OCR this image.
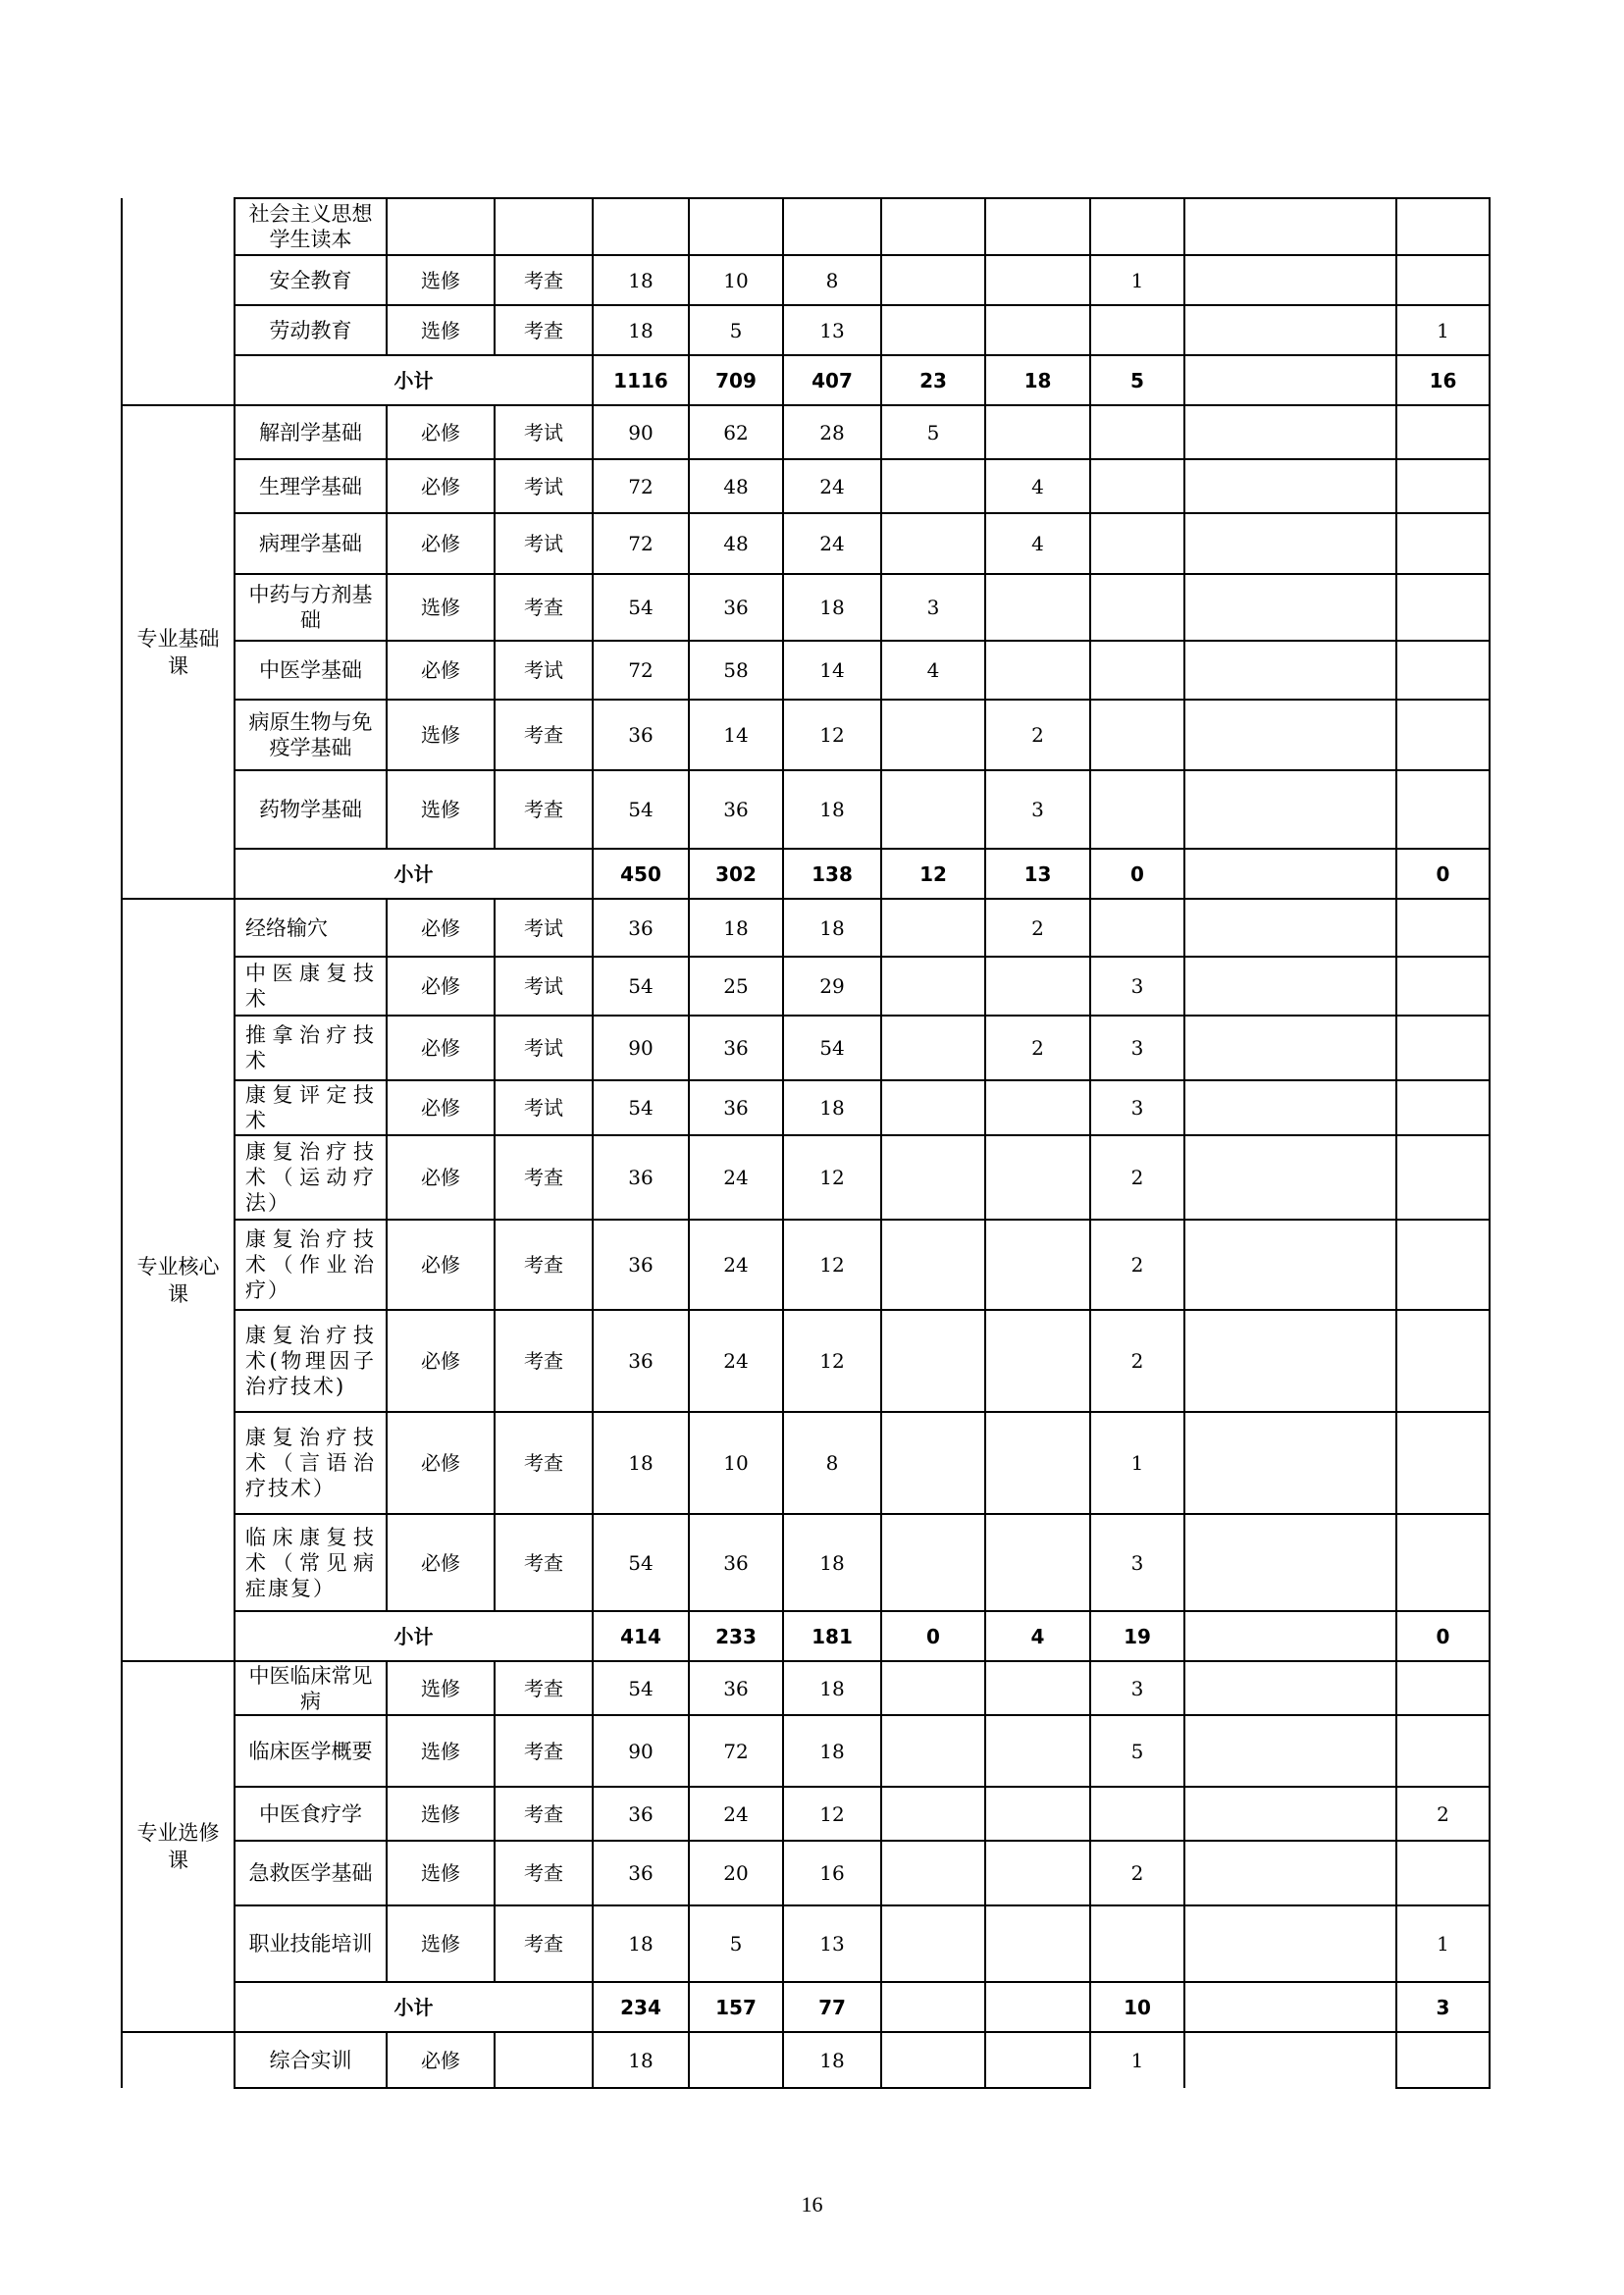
	社会主义思想学生读本										
	安全教育	选修	考查	18	10	8			1		
	劳动教育	选修	考查	18	5	13					1
	小计			1116	709	407	23	18	5		16
专业基础课	解剖学基础	必修	考试	90	62	28	5				
	生理学基础	必修	考试	72	48	24		4			
	病理学基础	必修	考试	72	48	24		4			
	中药与方剂基础	选修	考查	54	36	18	3				
	中医学基础	必修	考试	72	58	14	4				
	病原生物与免疫学基础	选修	考查	36	14	12		2			
	药物学基础	选修	考查	54	36	18		3			
	小计			450	302	138	12	13	0		0
专业核心课	经络输穴	必修	考试	36	18	18		2			

	中医康复技术	必修	考试	54	25	29			3		

	推拿治疗技术	必修	考试	90	36	54		2	3		

	康复评定技术	必修	考试	54	36	18			3		

	康复治疗技术（运动疗法）	必修	考查	36	24	12			2		

	康复治疗技术（作业治疗）	必修	考查	36	24	12			2		

	康复治疗技术(物理因子治疗技术)	必修	考查	36	24	12			2		

	康复治疗技术（言语治疗技术）	必修	考查	18	10	8			1		

	临床康复技术（常见病症康复）	必修	考查	54	36	18			3		
	小计			414	233	181	0	4	19		0
专业选修课	中医临床常见病	选修	考查	54	36	18			3		
	临床医学概要	选修	考查	90	72	18			5		
	中医食疗学	选修	考查	36	24	12					2
	急救医学基础	选修	考查	36	20	16			2		
	职业技能培训	选修	考查	18	5	13					1
	小计			234	157	77			10		3
	综合实训	必修		18		18			1		
16
